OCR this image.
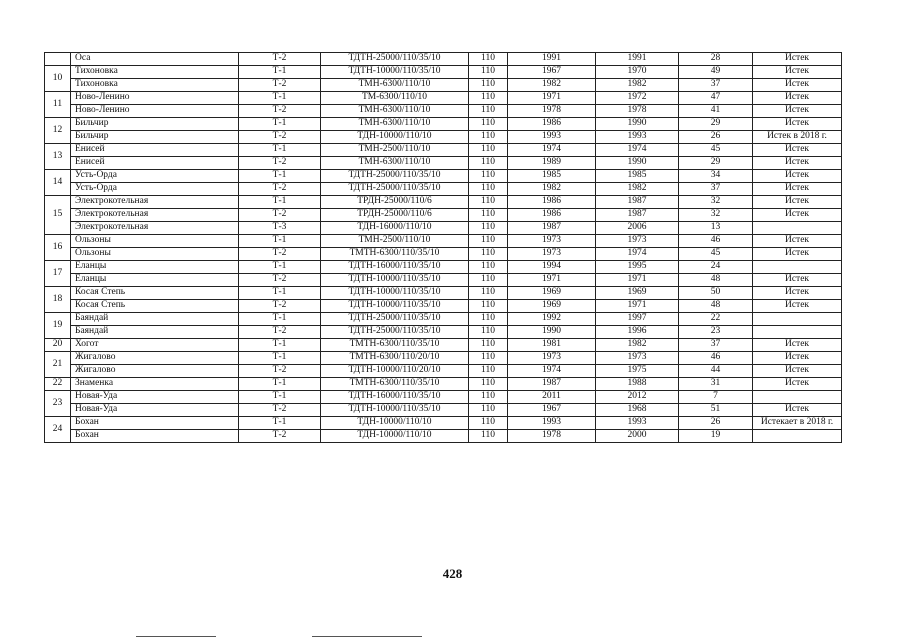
	Оса	Т-2	ТДТН-25000/110/35/10	110	1991	1991	28	Истек
10	Тихоновка	Т-1	ТДТН-10000/110/35/10	110	1967	1970	49	Истек
	Тихоновка	Т-2	ТМН-6300/110/10	110	1982	1982	37	Истек
11	Ново-Ленино	Т-1	ТМ-6300/110/10	110	1971	1972	47	Истек
	Ново-Ленино	Т-2	ТМН-6300/110/10	110	1978	1978	41	Истек
12	Бильчир	Т-1	ТМН-6300/110/10	110	1986	1990	29	Истек
	Бильчир	Т-2	ТДН-10000/110/10	110	1993	1993	26	Истек в 2018 г.
13	Енисей	Т-1	ТМН-2500/110/10	110	1974	1974	45	Истек
	Енисей	Т-2	ТМН-6300/110/10	110	1989	1990	29	Истек
14	Усть-Орда	Т-1	ТДТН-25000/110/35/10	110	1985	1985	34	Истек
	Усть-Орда	Т-2	ТДТН-25000/110/35/10	110	1982	1982	37	Истек
15	Электрокотельная	Т-1	ТРДН-25000/110/6	110	1986	1987	32	Истек
	Электрокотельная	Т-2	ТРДН-25000/110/6	110	1986	1987	32	Истек
	Электрокотельная	Т-3	ТДН-16000/110/10	110	1987	2006	13	
16	Ользоны	Т-1	ТМН-2500/110/10	110	1973	1973	46	Истек
	Ользоны	Т-2	ТМТН-6300/110/35/10	110	1973	1974	45	Истек
17	Еланцы	Т-1	ТДТН-16000/110/35/10	110	1994	1995	24	
	Еланцы	Т-2	ТДТН-10000/110/35/10	110	1971	1971	48	Истек
18	Косая Степь	Т-1	ТДТН-10000/110/35/10	110	1969	1969	50	Истек
	Косая Степь	Т-2	ТДТН-10000/110/35/10	110	1969	1971	48	Истек
19	Баяндай	Т-1	ТДТН-25000/110/35/10	110	1992	1997	22	
	Баяндай	Т-2	ТДТН-25000/110/35/10	110	1990	1996	23	
20	Хогот	Т-1	ТМТН-6300/110/35/10	110	1981	1982	37	Истек
21	Жигалово	Т-1	ТМТН-6300/110/20/10	110	1973	1973	46	Истек
	Жигалово	Т-2	ТДТН-10000/110/20/10	110	1974	1975	44	Истек
22	Знаменка	Т-1	ТМТН-6300/110/35/10	110	1987	1988	31	Истек
23	Новая-Уда	Т-1	ТДТН-16000/110/35/10	110	2011	2012	7	
	Новая-Уда	Т-2	ТДТН-10000/110/35/10	110	1967	1968	51	Истек
24	Бохан	Т-1	ТДН-10000/110/10	110	1993	1993	26	Истекает в 2018 г.
	Бохан	Т-2	ТДН-10000/110/10	110	1978	2000	19	
428
